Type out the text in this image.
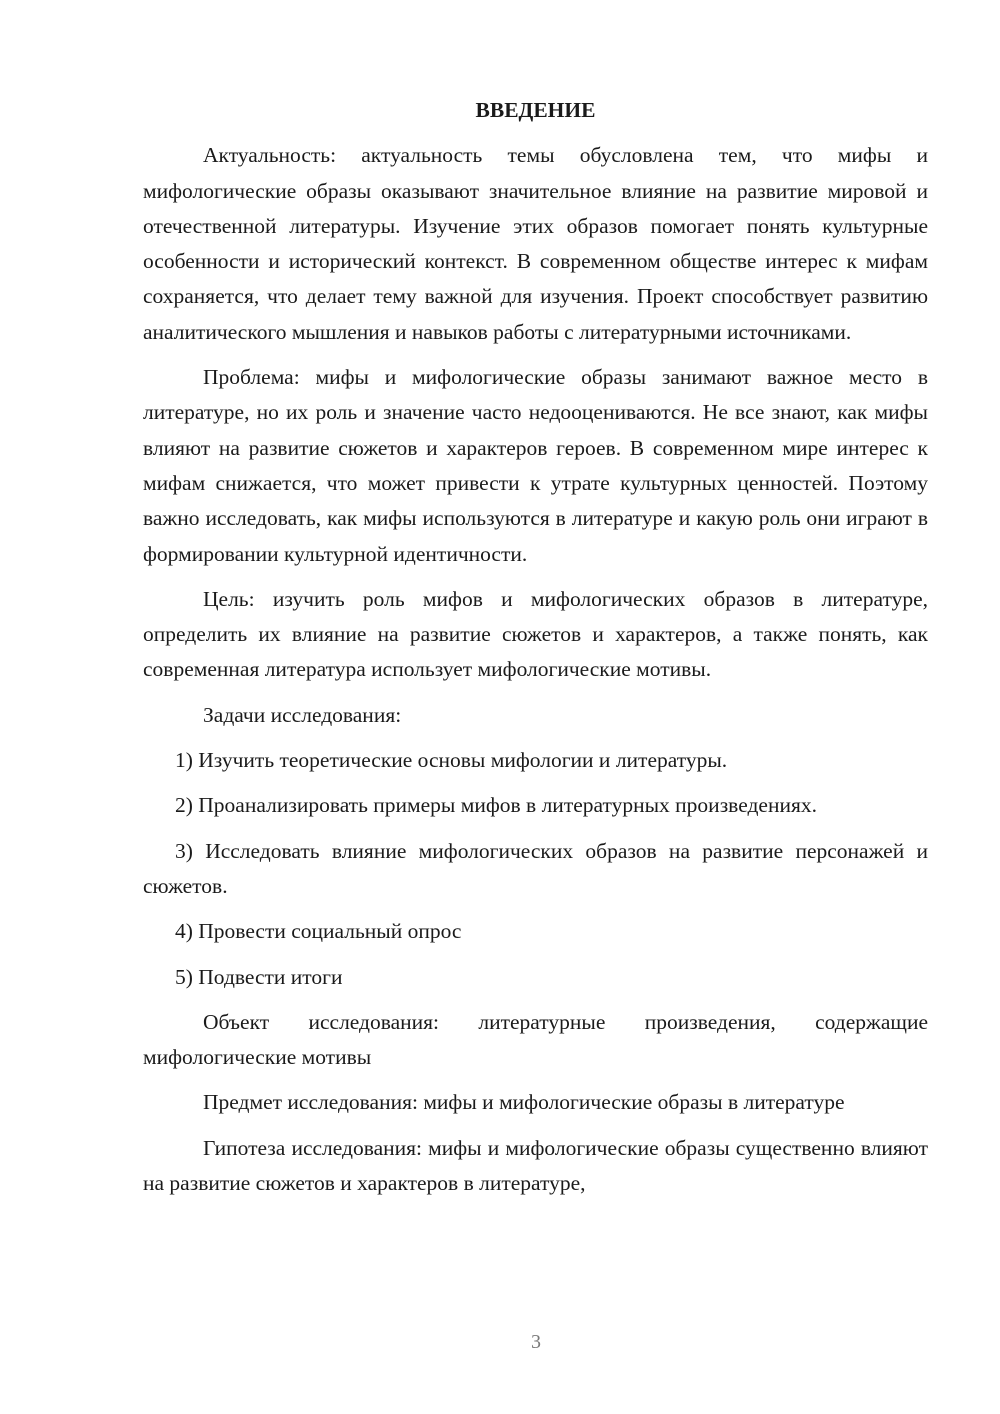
ВВЕДЕНИЕ
Актуальность: актуальность темы обусловлена тем, что мифы и мифологические образы оказывают значительное влияние на развитие мировой и отечественной литературы. Изучение этих образов помогает понять культурные особенности и исторический контекст. В современном обществе интерес к мифам сохраняется, что делает тему важной для изучения. Проект способствует развитию аналитического мышления и навыков работы с литературными источниками.
Проблема: мифы и мифологические образы занимают важное место в литературе, но их роль и значение часто недооцениваются. Не все знают, как мифы влияют на развитие сюжетов и характеров героев. В современном мире интерес к мифам снижается, что может привести к утрате культурных ценностей. Поэтому важно исследовать, как мифы используются в литературе и какую роль они играют в формировании культурной идентичности.
Цель: изучить роль мифов и мифологических образов в литературе, определить их влияние на развитие сюжетов и характеров, а также понять, как современная литература использует мифологические мотивы.
Задачи исследования:
1) Изучить теоретические основы мифологии и литературы.
2) Проанализировать примеры мифов в литературных произведениях.
3) Исследовать влияние мифологических образов на развитие персонажей и сюжетов.
4) Провести социальный опрос
5) Подвести итоги
Объект исследования: литературные произведения, содержащие мифологические мотивы
Предмет исследования: мифы и мифологические образы в литературе
Гипотеза исследования: мифы и мифологические образы существенно влияют на развитие сюжетов и характеров в литературе,
3
